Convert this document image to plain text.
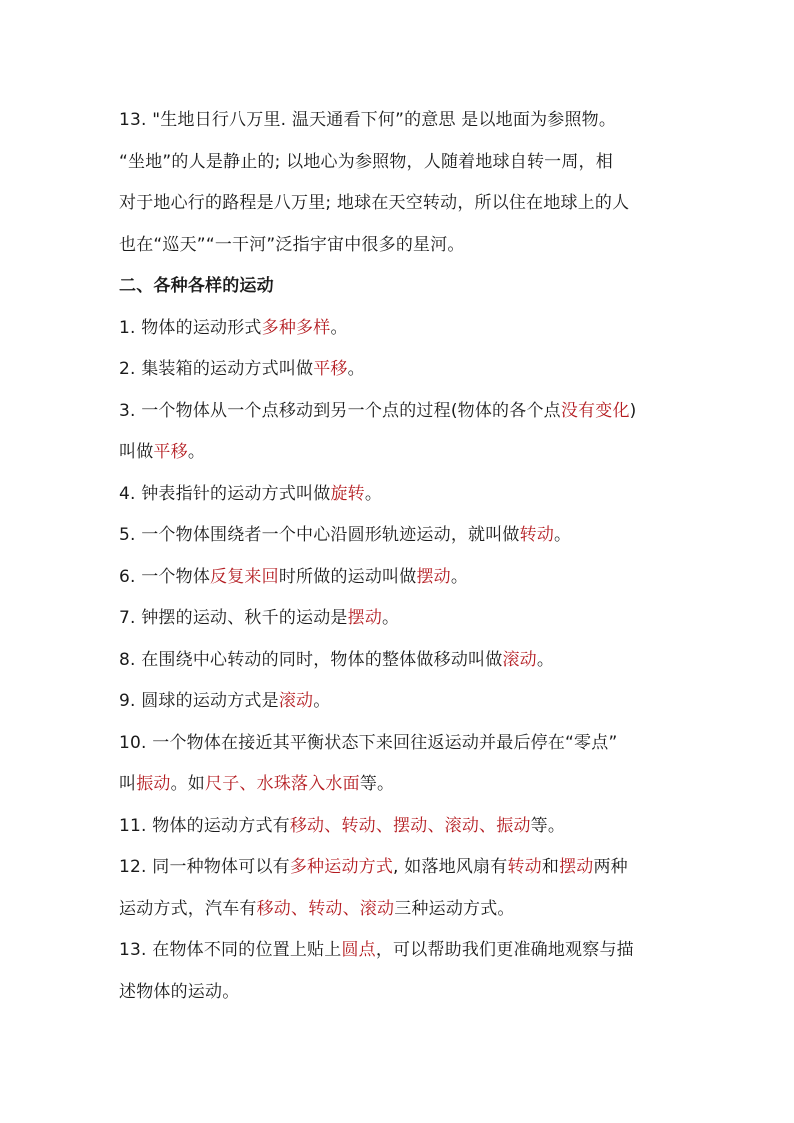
13. "生地日行八万里. 温天通看下何”的意思 是以地面为参照物。
“坐地”的人是静止的; 以地心为参照物，人随着地球自转一周，相
对于地心行的路程是八万里; 地球在天空转动，所以住在地球上的人
也在“巡天”“一干河”泛指宇宙中很多的星河。
二、各种各样的运动
1. 物体的运动形式多种多样。
2. 集装箱的运动方式叫做平移。
3. 一个物体从一个点移动到另一个点的过程(物体的各个点没有变化)
叫做平移。
4. 钟表指针的运动方式叫做旋转。
5. 一个物体围绕者一个中心沿圆形轨迹运动，就叫做转动。
6. 一个物体反复来回时所做的运动叫做摆动。
7. 钟摆的运动、秋千的运动是摆动。
8. 在围绕中心转动的同时，物体的整体做移动叫做滚动。
9. 圆球的运动方式是滚动。
10. 一个物体在接近其平衡状态下来回往返运动并最后停在“零点”
叫振动。如尺子、水珠落入水面等。
11. 物体的运动方式有移动、转动、摆动、滚动、振动等。
12. 同一种物体可以有多种运动方式, 如落地风扇有转动和摆动两种
运动方式，汽车有移动、转动、滚动三种运动方式。
13. 在物体不同的位置上贴上圆点，可以帮助我们更准确地观察与描
述物体的运动。
